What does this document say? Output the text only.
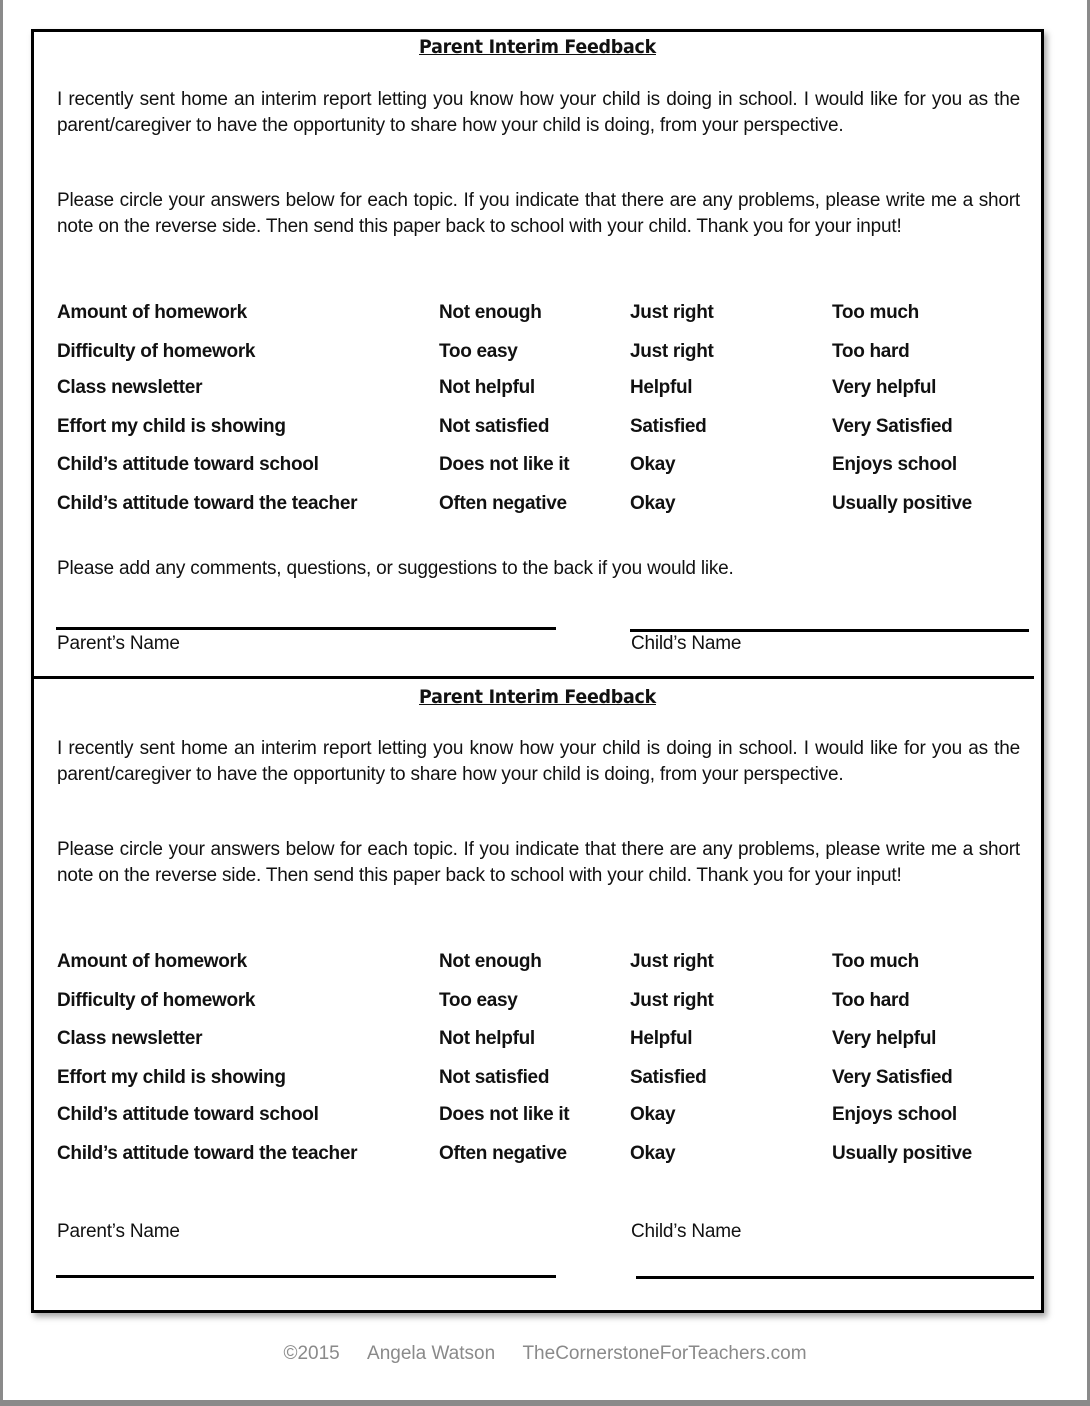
Parent Interim Feedback
I recently sent home an interim report letting you know how your child is doing in school. I would like for you as the parent/caregiver to have the opportunity to share how your child is doing, from your perspective.
Please circle your answers below for each topic. If you indicate that there are any problems, please write me a short note on the reverse side. Then send this paper back to school with your child. Thank you for your input!
Amount of homework	Not enough	Just right	Too much
Difficulty of homework	Too easy	Just right	Too hard
Class newsletter	Not helpful	Helpful	Very helpful
Effort my child is showing	Not satisfied	Satisfied	Very Satisfied
Child’s attitude toward school	Does not like it	Okay	Enjoys school
Child’s attitude toward the teacher	Often negative	Okay	Usually positive
Please add any comments, questions, or suggestions to the back if you would like.
Parent’s Name	Child’s Name
Parent Interim Feedback
I recently sent home an interim report letting you know how your child is doing in school. I would like for you as the parent/caregiver to have the opportunity to share how your child is doing, from your perspective.
Please circle your answers below for each topic. If you indicate that there are any problems, please write me a short note on the reverse side. Then send this paper back to school with your child. Thank you for your input!
Amount of homework	Not enough	Just right	Too much
Difficulty of homework	Too easy	Just right	Too hard
Class newsletter	Not helpful	Helpful	Very helpful
Effort my child is showing	Not satisfied	Satisfied	Very Satisfied
Child’s attitude toward school	Does not like it	Okay	Enjoys school
Child’s attitude toward the teacher	Often negative	Okay	Usually positive
Parent’s Name	Child’s Name
©2015 Angela Watson TheCornerstoneForTeachers.com
